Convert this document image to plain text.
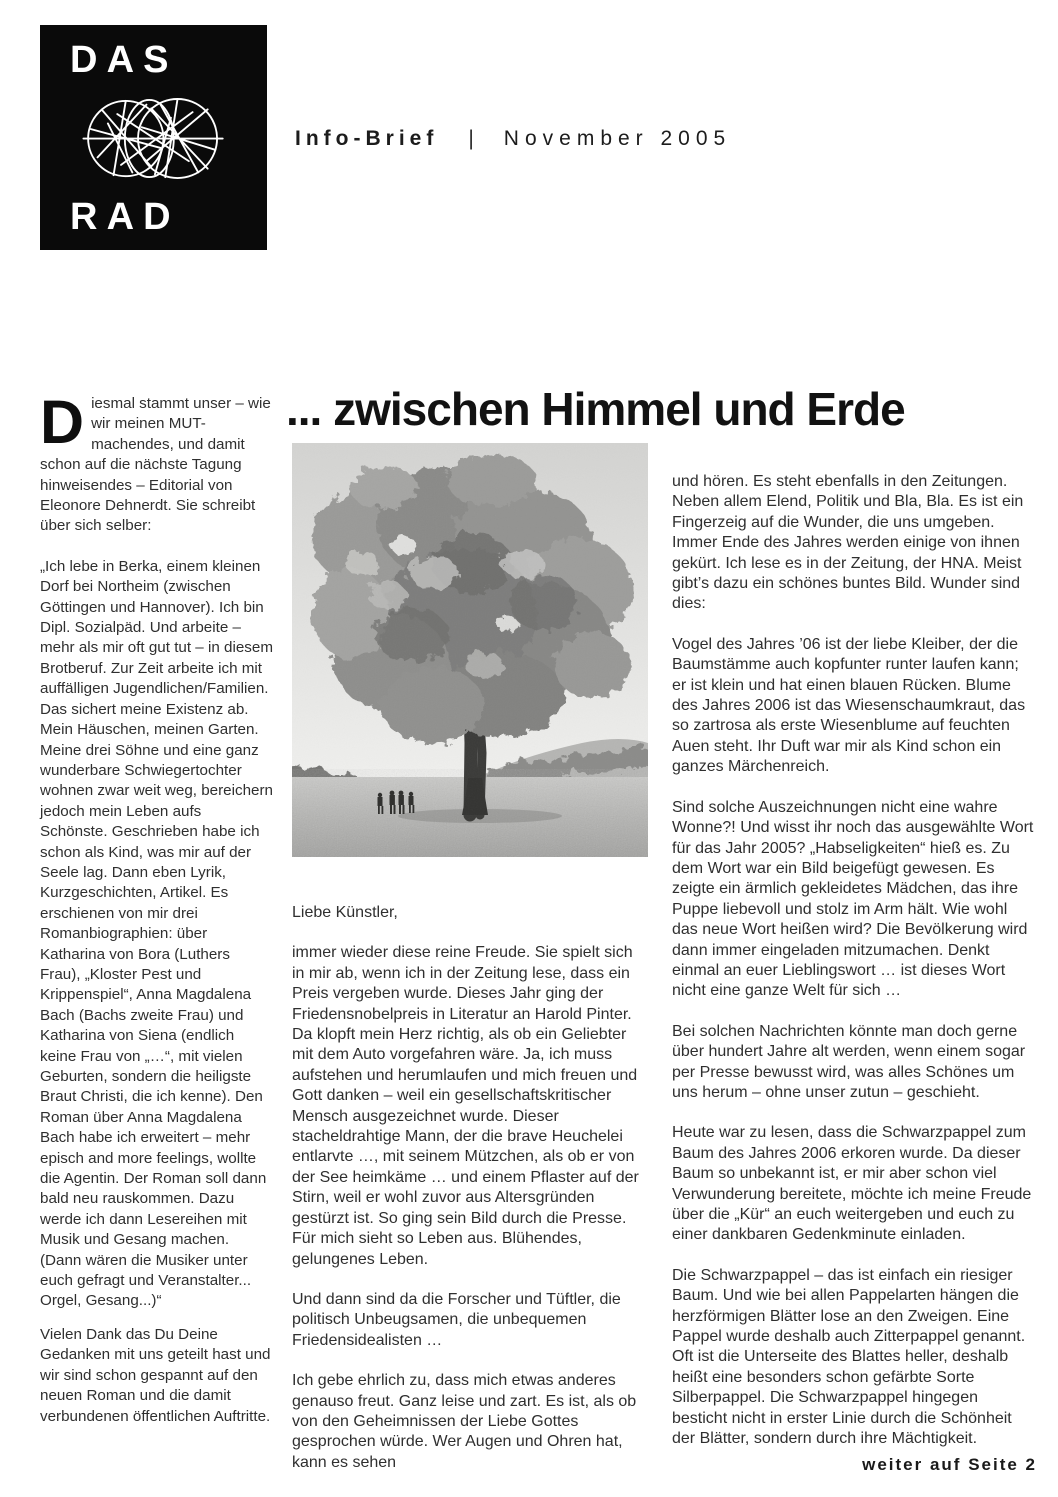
D A S
R A D
Info-Brief | November 2005
... zwischen Himmel und Erde

Diesmal stammt unser – wie wir meinen MUT-machendes, und damit schon auf die nächste Tagung hinweisendes – Editorial von Eleonore Dehnerdt. Sie schreibt über sich selber:

„Ich lebe in Berka, einem kleinen Dorf bei Northeim (zwischen Göttingen und Hannover). Ich bin Dipl. Sozialpäd. Und arbeite – mehr als mir oft gut tut – in diesem Brotberuf. Zur Zeit arbeite ich mit auffälligen Jugendlichen/Familien. Das sichert meine Existenz ab. Mein Häuschen, meinen Garten. Meine drei Söhne und eine ganz wunderbare Schwiegertochter wohnen zwar weit weg, bereichern jedoch mein Leben aufs Schönste. Geschrieben habe ich schon als Kind, was mir auf der Seele lag. Dann eben Lyrik, Kurzgeschichten, Artikel. Es erschienen von mir drei Romanbiographien: über Katharina von Bora (Luthers Frau), „Kloster Pest und Krippenspiel“, Anna Magdalena Bach (Bachs zweite Frau) und Katharina von Siena (endlich keine Frau von „…“, mit vielen Geburten, sondern die heiligste Braut Christi, die ich kenne). Den Roman über Anna Magdalena Bach habe ich erweitert – mehr episch and more feelings, wollte die Agentin. Der Roman soll dann bald neu rauskommen. Dazu werde ich dann Lesereihen mit Musik und Gesang machen. (Dann wären die Musiker unter euch gefragt und Veranstalter... Orgel, Gesang...)“

Vielen Dank das Du Deine Gedanken mit uns geteilt hast und wir sind schon gespannt auf den neuen Roman und die damit verbundenen öffentlichen Auftritte.

Liebe Künstler,

immer wieder diese reine Freude. Sie spielt sich in mir ab, wenn ich in der Zeitung lese, dass ein Preis vergeben wurde. Dieses Jahr ging der Friedensnobelpreis in Literatur an Harold Pinter. Da klopft mein Herz richtig, als ob ein Geliebter mit dem Auto vorgefahren wäre. Ja, ich muss aufstehen und herumlaufen und mich freuen und Gott danken – weil ein gesellschaftskritischer Mensch ausgezeichnet wurde. Dieser stacheldrahtige Mann, der die brave Heuchelei entlarvte …, mit seinem Mützchen, als ob er von der See heimkäme … und einem Pflaster auf der Stirn, weil er wohl zuvor aus Altersgründen gestürzt ist. So ging sein Bild durch die Presse. Für mich sieht so Leben aus. Blühendes, gelungenes Leben.

Und dann sind da die Forscher und Tüftler, die politisch Unbeugsamen, die unbequemen Friedensidealisten …

Ich gebe ehrlich zu, dass mich etwas anderes genauso freut. Ganz leise und zart. Es ist, als ob von den Geheimnissen der Liebe Gottes gesprochen würde. Wer Augen und Ohren hat, kann es sehen

und hören. Es steht ebenfalls in den Zeitungen. Neben allem Elend, Politik und Bla, Bla. Es ist ein Fingerzeig auf die Wunder, die uns umgeben. Immer Ende des Jahres werden einige von ihnen gekürt. Ich lese es in der Zeitung, der HNA. Meist gibt’s dazu ein schönes buntes Bild. Wunder sind dies:

Vogel des Jahres ’06 ist der liebe Kleiber, der die Baumstämme auch kopfunter runter laufen kann; er ist klein und hat einen blauen Rücken. Blume des Jahres 2006 ist das Wiesenschaumkraut, das so zartrosa als erste Wiesenblume auf feuchten Auen steht. Ihr Duft war mir als Kind schon ein ganzes Märchenreich.

Sind solche Auszeichnungen nicht eine wahre Wonne?! Und wisst ihr noch das ausgewählte Wort für das Jahr 2005? „Habseligkeiten“ hieß es. Zu dem Wort war ein Bild beigefügt gewesen. Es zeigte ein ärmlich gekleidetes Mädchen, das ihre Puppe liebevoll und stolz im Arm hält. Wie wohl das neue Wort heißen wird? Die Bevölkerung wird dann immer eingeladen mitzumachen. Denkt einmal an euer Lieblingswort … ist dieses Wort nicht eine ganze Welt für sich …

Bei solchen Nachrichten könnte man doch gerne über hundert Jahre alt werden, wenn einem sogar per Presse bewusst wird, was alles Schönes um uns herum – ohne unser zutun – geschieht.

Heute war zu lesen, dass die Schwarzpappel zum Baum des Jahres 2006 erkoren wurde. Da dieser Baum so unbekannt ist, er mir aber schon viel Verwunderung bereitete, möchte ich meine Freude über die „Kür“ an euch weitergeben und euch zu einer dankbaren Gedenkminute einladen.

Die Schwarzpappel – das ist einfach ein riesiger Baum. Und wie bei allen Pappelarten hängen die herzförmigen Blätter lose an den Zweigen. Eine Pappel wurde deshalb auch Zitterpappel genannt. Oft ist die Unterseite des Blattes heller, deshalb heißt eine besonders schon gefärbte Sorte Silberpappel. Die Schwarzpappel hingegen besticht nicht in erster Linie durch die Schönheit der Blätter, sondern durch ihre Mächtigkeit.

weiter auf Seite 2
